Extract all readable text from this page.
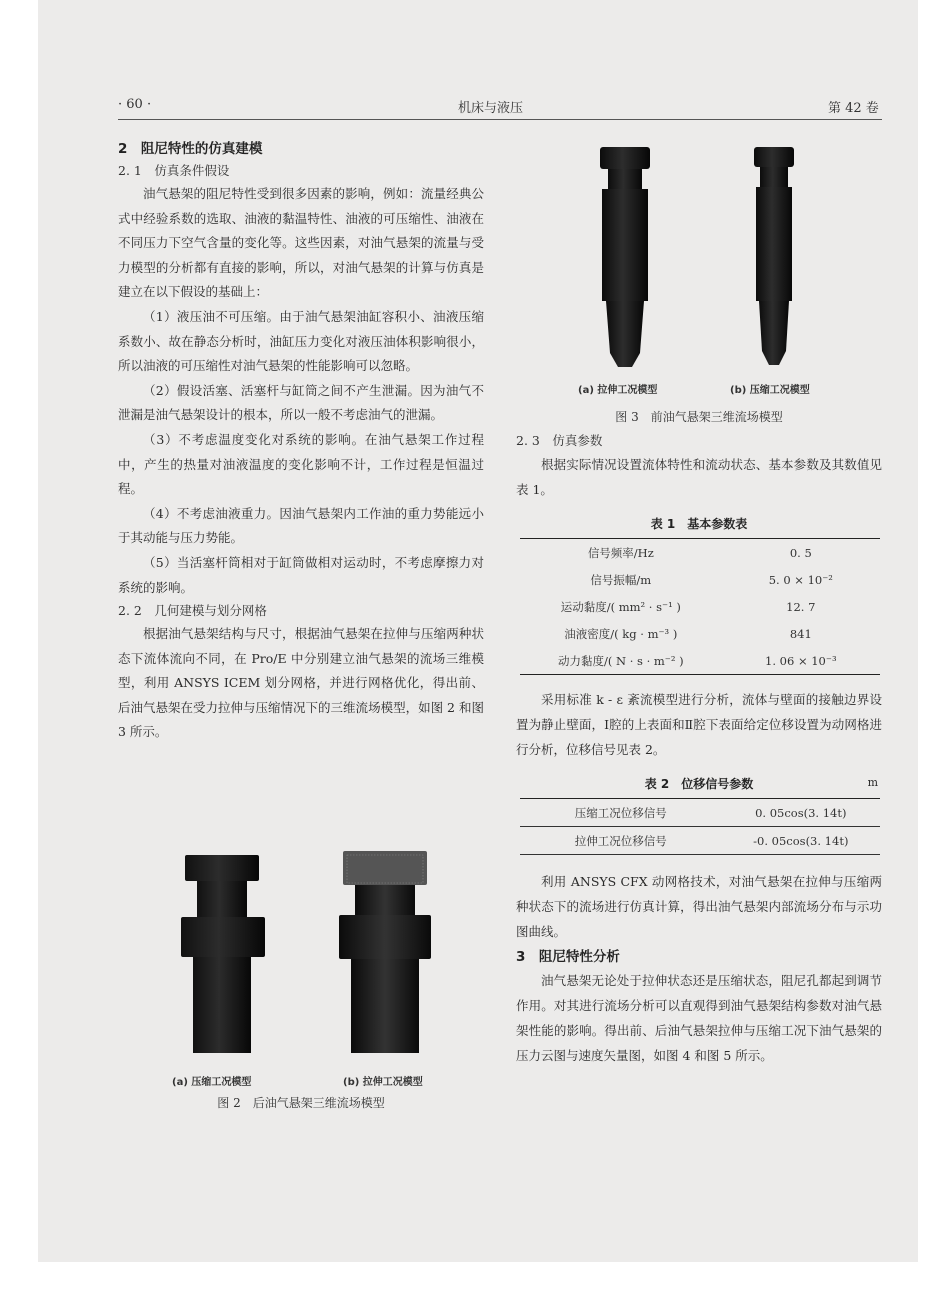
· 60 ·	机床与液压	第 42 卷
2　阻尼特性的仿真建模
2. 1　仿真条件假设

油气悬架的阻尼特性受到很多因素的影响，例如：流量经典公式中经验系数的选取、油液的黏温特性、油液的可压缩性、油液在不同压力下空气含量的变化等。这些因素，对油气悬架的流量与受力模型的分析都有直接的影响，所以，对油气悬架的计算与仿真是建立在以下假设的基础上：

（1）液压油不可压缩。由于油气悬架油缸容积小、油液压缩系数小、故在静态分析时，油缸压力变化对液压油体积影响很小，所以油液的可压缩性对油气悬架的性能影响可以忽略。

（2）假设活塞、活塞杆与缸筒之间不产生泄漏。因为油气不泄漏是油气悬架设计的根本，所以一般不考虑油气的泄漏。

（3）不考虑温度变化对系统的影响。在油气悬架工作过程中，产生的热量对油液温度的变化影响不计，工作过程是恒温过程。

（4）不考虑油液重力。因油气悬架内工作油的重力势能远小于其动能与压力势能。

（5）当活塞杆筒相对于缸筒做相对运动时，不考虑摩擦力对系统的影响。

2. 2　几何建模与划分网格

根据油气悬架结构与尺寸，根据油气悬架在拉伸与压缩两种状态下流体流向不同，在 Pro/E 中分别建立油气悬架的流场三维模型，利用 ANSYS ICEM 划分网格，并进行网格优化，得出前、后油气悬架在受力拉伸与压缩情况下的三维流场模型，如图 2 和图 3 所示。

(a) 压缩工况模型	(b) 拉伸工况模型
图 2　后油气悬架三维流场模型
(a) 拉伸工况模型	(b) 压缩工况模型
图 3　前油气悬架三维流场模型
2. 3　仿真参数

根据实际情况设置流体特性和流动状态、基本参数及其数值见表 1。

表 1　基本参数表
信号频率/Hz	0. 5
信号振幅/m	5. 0 × 10⁻²
运动黏度/( mm² · s⁻¹ )	12. 7
油液密度/( kg · m⁻³ )	841
动力黏度/( N · s · m⁻² )	1. 06 × 10⁻³

采用标准 k - ε 紊流模型进行分析，流体与壁面的接触边界设置为静止壁面，Ⅰ腔的上表面和Ⅱ腔下表面给定位移设置为动网格进行分析，位移信号见表 2。

表 2　位移信号参数	m
压缩工况位移信号	0. 05cos(3. 14t)
拉伸工况位移信号	-0. 05cos(3. 14t)

利用 ANSYS CFX 动网格技术，对油气悬架在拉伸与压缩两种状态下的流场进行仿真计算，得出油气悬架内部流场分布与示功图曲线。

3　阻尼特性分析

油气悬架无论处于拉伸状态还是压缩状态，阻尼孔都起到调节作用。对其进行流场分析可以直观得到油气悬架结构参数对油气悬架性能的影响。得出前、后油气悬架拉伸与压缩工况下油气悬架的压力云图与速度矢量图，如图 4 和图 5 所示。
